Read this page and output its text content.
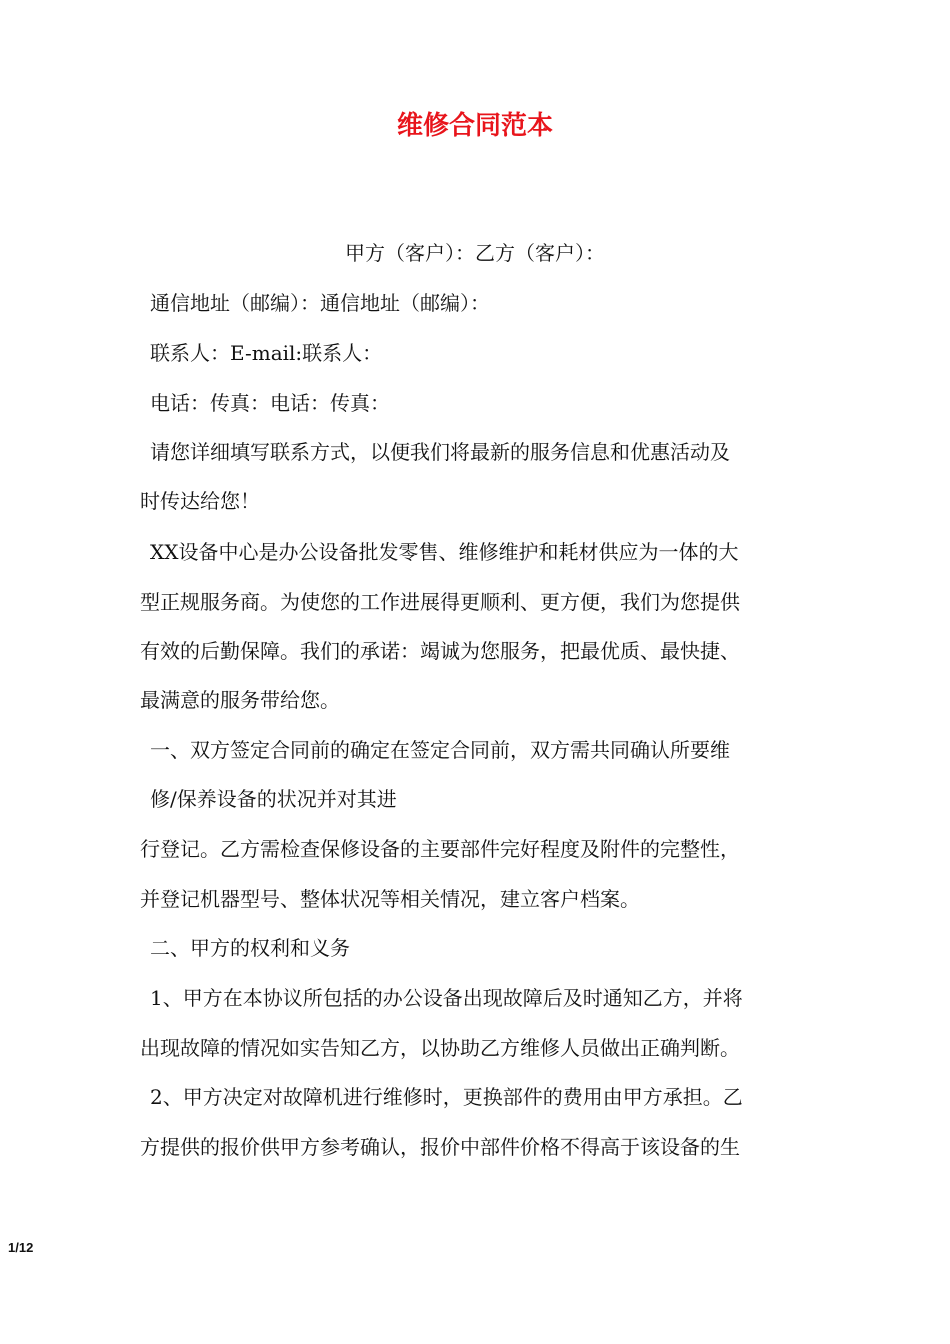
维修合同范本

甲方（客户）：乙方（客户）：

通信地址（邮编）：通信地址（邮编）：

联系人：E-mail:联系人：

电话：传真：电话：传真：

请您详细填写联系方式，以便我们将最新的服务信息和优惠活动及

时传达给您！

XX设备中心是办公设备批发零售、维修维护和耗材供应为一体的大

型正规服务商。为使您的工作进展得更顺利、更方便，我们为您提供

有效的后勤保障。我们的承诺：竭诚为您服务，把最优质、最快捷、

最满意的服务带给您。

一、双方签定合同前的确定在签定合同前，双方需共同确认所要维

修/保养设备的状况并对其进

行登记。乙方需检查保修设备的主要部件完好程度及附件的完整性，

并登记机器型号、整体状况等相关情况，建立客户档案。

二、甲方的权利和义务

1、甲方在本协议所包括的办公设备出现故障后及时通知乙方，并将

出现故障的情况如实告知乙方，以协助乙方维修人员做出正确判断。

2、甲方决定对故障机进行维修时，更换部件的费用由甲方承担。乙

方提供的报价供甲方参考确认，报价中部件价格不得高于该设备的生

1/12
